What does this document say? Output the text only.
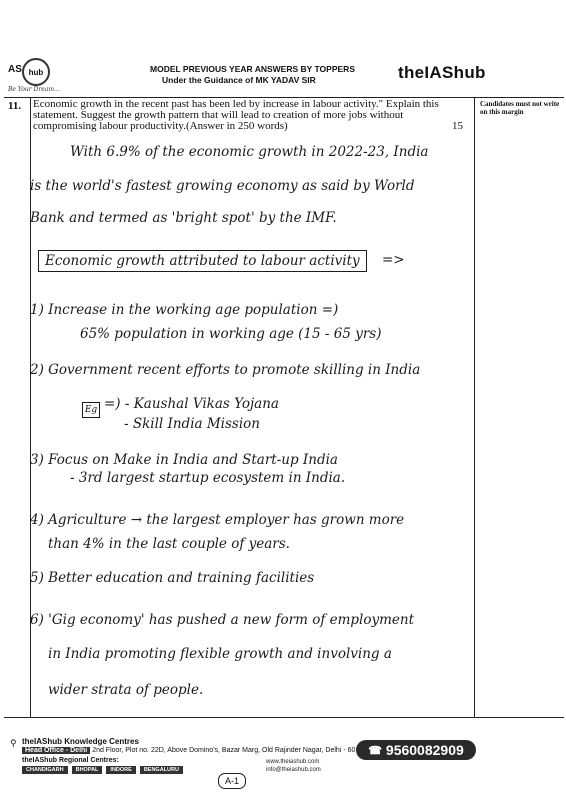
hub
AS
Be Your Dream...
MODEL PREVIOUS YEAR ANSWERS BY TOPPERS
Under the Guidance of MK YADAV SIR	theIAShub
11. Economic growth in the recent past has been led by increase in labour activity." Explain this statement. Suggest the growth pattern that will lead to creation of more jobs without compromising labour productivity.(Answer in 250 words)	15
Candidates must not write on this margin
With 6.9% of the economic growth in 2022-23, India
is the world's fastest growing economy as said by World
Bank and termed as 'bright spot' by the IMF.
Economic growth attributed to labour activity	=>
1) Increase in the working age population =)
65% population in working age (15 - 65 yrs)
2) Government recent efforts to promote skilling in India
Eg =) - Kaushal Vikas Yojana
- Skill India Mission
3) Focus on Make in India and Start-up India
- 3rd largest startup ecosystem in India.
4) Agriculture → the largest employer has grown more
than 4% in the last couple of years.
5) Better education and training facilities
6) 'Gig economy' has pushed a new form of employment
in India promoting flexible growth and involving a
wider strata of people.
⚲ theIAShub Knowledge Centres
Head Office - Delhi 2nd Floor, Plot no. 22D, Above Domino's, Bazar Marg, Old Rajinder Nagar, Delhi - 60
theIAShub Regional Centres:
CHANDIGARH	BHOPAL	INDORE	BENGALURU
www.theiashub.com
info@theiashub.com
☎ 9560082909
A-1
